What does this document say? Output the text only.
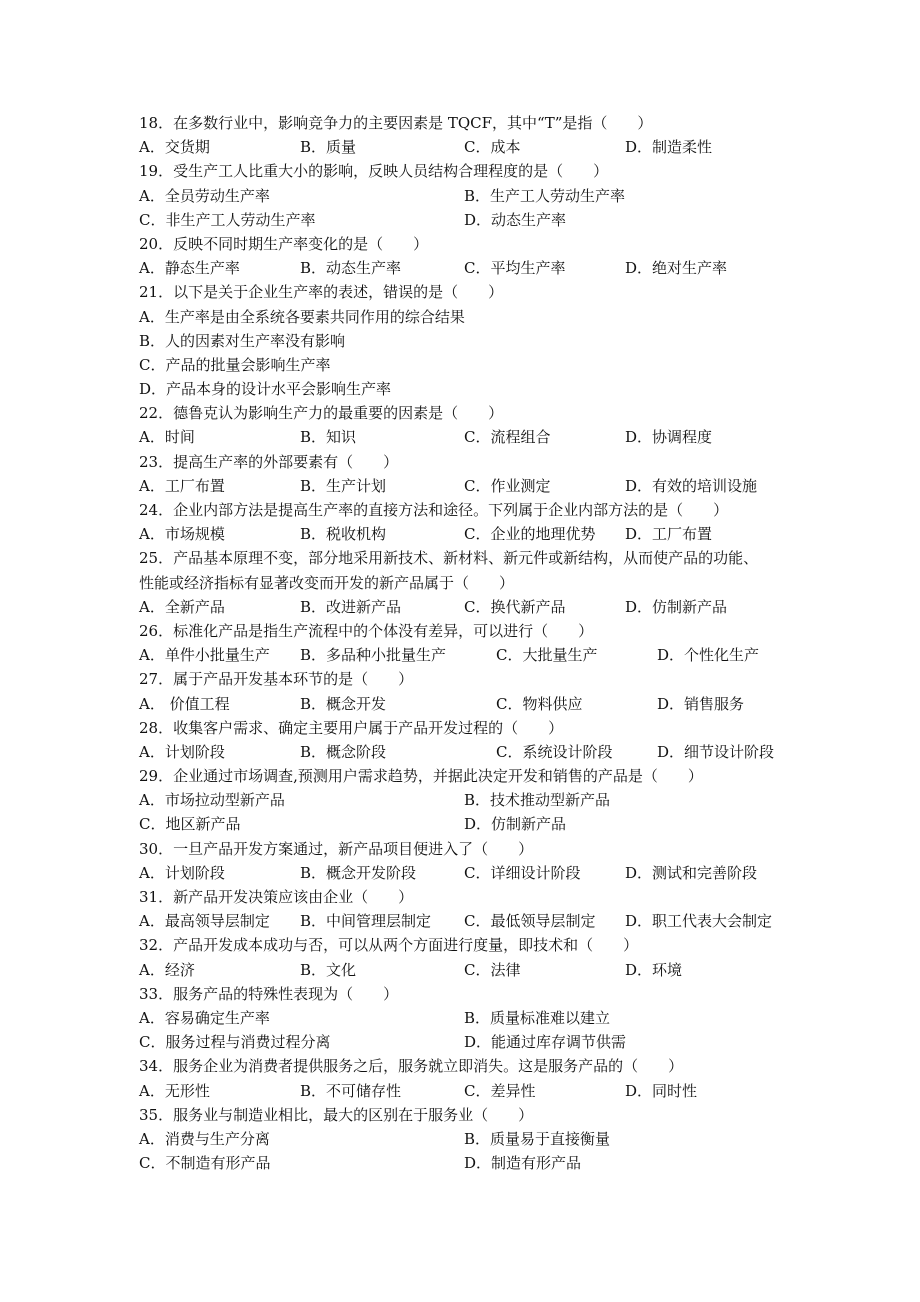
18．在多数行业中，影响竞争力的主要因素是 TQCF，其中“T”是指（　　）
A．交货期	B．质量	C．成本	D．制造柔性
19．受生产工人比重大小的影响，反映人员结构合理程度的是（　　）
A．全员劳动生产率	B．生产工人劳动生产率
C．非生产工人劳动生产率	D．动态生产率
20．反映不同时期生产率变化的是（　　）
A．静态生产率	B．动态生产率	C．平均生产率	D．绝对生产率
21．以下是关于企业生产率的表述，错误的是（　　）
A．生产率是由全系统各要素共同作用的综合结果
B．人的因素对生产率没有影响
C．产品的批量会影响生产率
D．产品本身的设计水平会影响生产率
22．德鲁克认为影响生产力的最重要的因素是（　　）
A．时间	B．知识	C．流程组合	D．协调程度
23．提高生产率的外部要素有（　　）
A．工厂布置	B．生产计划	C．作业测定	D．有效的培训设施
24．企业内部方法是提高生产率的直接方法和途径。下列属于企业内部方法的是（　　）
A．市场规模	B．税收机构	C．企业的地理优势 D．工厂布置
25．产品基本原理不变，部分地采用新技术、新材料、新元件或新结构，从而使产品的功能、
性能或经济指标有显著改变而开发的新产品属于（　　）
A．全新产品	B．改进新产品	C．换代新产品	D．仿制新产品
26．标准化产品是指生产流程中的个体没有差异，可以进行（　　）
A．单件小批量生产 B．多品种小批量生产	C．大批量生产	D．个性化生产
27．属于产品开发基本环节的是（　　）
A． 价值工程	B．概念开发	C．物料供应	D．销售服务
28．收集客户需求、确定主要用户属于产品开发过程的（　　）
A．计划阶段	B．概念阶段	C．系统设计阶段	D．细节设计阶段
29．企业通过市场调查,预测用户需求趋势，并据此决定开发和销售的产品是（　　）
A．市场拉动型新产品	B．技术推动型新产品
C．地区新产品	D．仿制新产品
30．一旦产品开发方案通过，新产品项目便进入了（　　）
A．计划阶段	B．概念开发阶段	C．详细设计阶段	D．测试和完善阶段
31．新产品开发决策应该由企业（　　）
A．最高领导层制定 B．中间管理层制定 C．最低领导层制定 D．职工代表大会制定
32．产品开发成本成功与否，可以从两个方面进行度量，即技术和（　　）
A．经济	B．文化	C．法律	D．环境
33．服务产品的特殊性表现为（　　）
A．容易确定生产率	B．质量标准难以建立
C．服务过程与消费过程分离	D．能通过库存调节供需
34．服务企业为消费者提供服务之后，服务就立即消失。这是服务产品的（　　）
A．无形性	B．不可储存性	C．差异性	D．同时性
35．服务业与制造业相比，最大的区别在于服务业（　　）
A．消费与生产分离	B．质量易于直接衡量
C．不制造有形产品	D．制造有形产品
